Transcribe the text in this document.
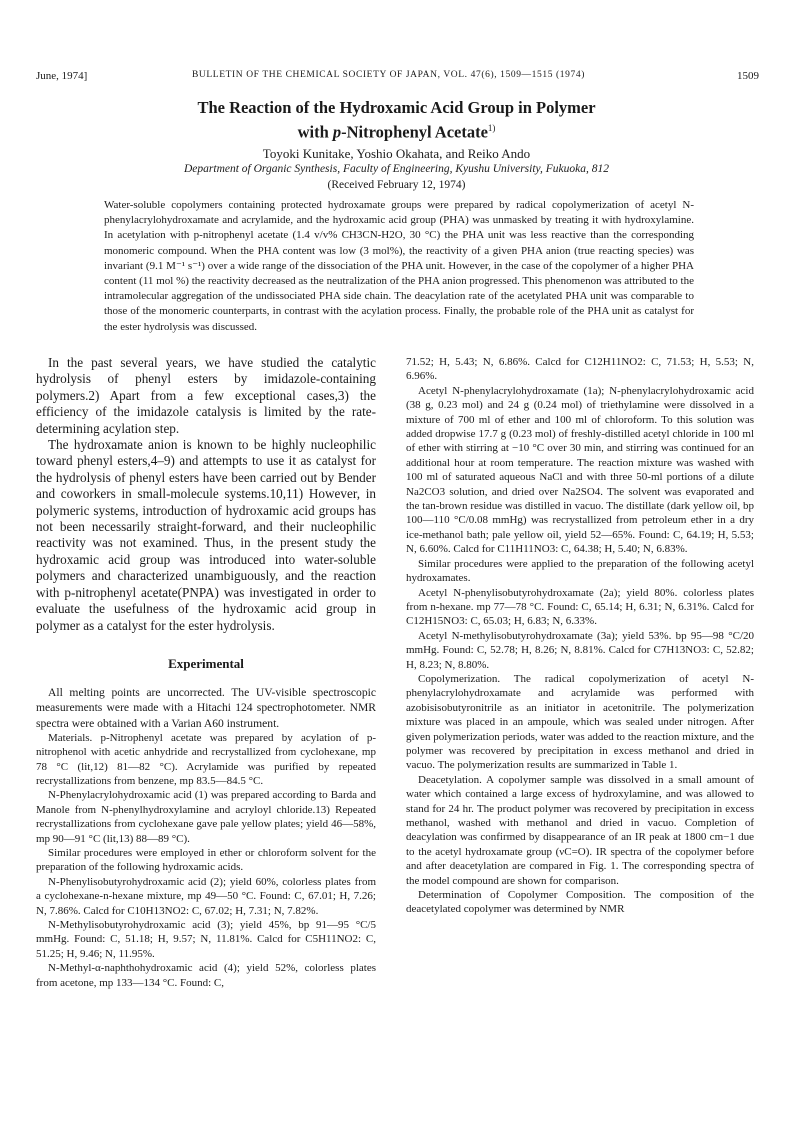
June, 1974]	BULLETIN OF THE CHEMICAL SOCIETY OF JAPAN, VOL. 47(6), 1509—1515 (1974)	1509
The Reaction of the Hydroxamic Acid Group in Polymer
with p-Nitrophenyl Acetate$^{1)}$
Toyoki Kunitake, Yoshio Okahata, and Reiko Ando
Department of Organic Synthesis, Faculty of Engineering, Kyushu University, Fukuoka, 812
(Received February 12, 1974)
Water-soluble copolymers containing protected hydroxamate groups were prepared by radical copolymerization of acetyl N-phenylacrylohydroxamate and acrylamide, and the hydroxamic acid group (PHA) was unmasked by treating it with hydroxylamine. In acetylation with p-nitrophenyl acetate (1.4 v/v% CH3CN-H2O, 30 °C) the PHA unit was less reactive than the corresponding monomeric compound. When the PHA content was low (3 mol%), the reactivity of a given PHA anion (true reacting species) was invariant (9.1 M⁻¹ s⁻¹) over a wide range of the dissociation of the PHA unit. However, in the case of the copolymer of a higher PHA content (11 mol %) the reactivity decreased as the neutralization of the PHA anion progressed. This phenomenon was attributed to the intramolecular aggregation of the undissociated PHA side chain. The deacylation rate of the acetylated PHA unit was comparable to those of the monomeric counterparts, in contrast with the acylation process. Finally, the probable role of the PHA unit as catalyst for the ester hydrolysis was discussed.

In the past several years, we have studied the catalytic hydrolysis of phenyl esters by imidazole-containing polymers.2) Apart from a few exceptional cases,3) the efficiency of the imidazole catalysis is limited by the rate-determining acylation step.

The hydroxamate anion is known to be highly nucleophilic toward phenyl esters,4–9) and attempts to use it as catalyst for the hydrolysis of phenyl esters have been carried out by Bender and coworkers in small-molecule systems.10,11) However, in polymeric systems, introduction of hydroxamic acid groups has not been necessarily straight-forward, and their nucleophilic reactivity was not examined. Thus, in the present study the hydroxamic acid group was introduced into water-soluble polymers and characterized unambiguously, and the reaction with p-nitrophenyl acetate(PNPA) was investigated in order to evaluate the usefulness of the hydroxamic acid group in polymer as a catalyst for the ester hydrolysis.

Experimental

All melting points are uncorrected. The UV-visible spectroscopic measurements were made with a Hitachi 124 spectrophotometer. NMR spectra were obtained with a Varian A60 instrument.

Materials. p-Nitrophenyl acetate was prepared by acylation of p-nitrophenol with acetic anhydride and recrystallized from cyclohexane, mp 78 °C (lit,12) 81—82 °C). Acrylamide was purified by repeated recrystallizations from benzene, mp 83.5—84.5 °C.

N-Phenylacrylohydroxamic acid (1) was prepared according to Barda and Manole from N-phenylhydroxylamine and acryloyl chloride.13) Repeated recrystallizations from cyclohexane gave pale yellow plates; yield 46—58%, mp 90—91 °C (lit,13) 88—89 °C).

Similar procedures were employed in ether or chloroform solvent for the preparation of the following hydroxamic acids.

N-Phenylisobutyrohydroxamic acid (2); yield 60%, colorless plates from a cyclohexane-n-hexane mixture, mp 49—50 °C. Found: C, 67.01; H, 7.26; N, 7.86%. Calcd for C10H13NO2: C, 67.02; H, 7.31; N, 7.82%.

N-Methylisobutyrohydroxamic acid (3); yield 45%, bp 91—95 °C/5 mmHg. Found: C, 51.18; H, 9.57; N, 11.81%. Calcd for C5H11NO2: C, 51.25; H, 9.46; N, 11.95%.

N-Methyl-α-naphthohydroxamic acid (4); yield 52%, colorless plates from acetone, mp 133—134 °C. Found: C,

71.52; H, 5.43; N, 6.86%. Calcd for C12H11NO2: C, 71.53; H, 5.53; N, 6.96%.

Acetyl N-phenylacrylohydroxamate (1a); N-phenylacrylohydroxamic acid (38 g, 0.23 mol) and 24 g (0.24 mol) of triethylamine were dissolved in a mixture of 700 ml of ether and 100 ml of chloroform. To this solution was added dropwise 17.7 g (0.23 mol) of freshly-distilled acetyl chloride in 100 ml of ether with stirring at −10 °C over 30 min, and stirring was continued for an additional hour at room temperature. The reaction mixture was washed with 100 ml of saturated aqueous NaCl and with three 50-ml portions of a dilute Na2CO3 solution, and dried over Na2SO4. The solvent was evaporated and the tan-brown residue was distilled in vacuo. The distillate (dark yellow oil, bp 100—110 °C/0.08 mmHg) was recrystallized from petroleum ether in a dry ice-methanol bath; pale yellow oil, yield 52—65%. Found: C, 64.19; H, 5.53; N, 6.60%. Calcd for C11H11NO3: C, 64.38; H, 5.40; N, 6.83%.

Similar procedures were applied to the preparation of the following acetyl hydroxamates.

Acetyl N-phenylisobutyrohydroxamate (2a); yield 80%. colorless plates from n-hexane. mp 77—78 °C. Found: C, 65.14; H, 6.31; N, 6.31%. Calcd for C12H15NO3: C, 65.03; H, 6.83; N, 6.33%.

Acetyl N-methylisobutyrohydroxamate (3a); yield 53%. bp 95—98 °C/20 mmHg. Found: C, 52.78; H, 8.26; N, 8.81%. Calcd for C7H13NO3: C, 52.82; H, 8.23; N, 8.80%.

Copolymerization. The radical copolymerization of acetyl N-phenylacrylohydroxamate and acrylamide was performed with azobisisobutyronitrile as an initiator in acetonitrile. The polymerization mixture was placed in an ampoule, which was sealed under nitrogen. After given polymerization periods, water was added to the reaction mixture, and the polymer was recovered by precipitation in excess methanol and dried in vacuo. The polymerization results are summarized in Table 1.

Deacetylation. A copolymer sample was dissolved in a small amount of water which contained a large excess of hydroxylamine, and was allowed to stand for 24 hr. The product polymer was recovered by precipitation in excess methanol, washed with methanol and dried in vacuo. Completion of deacylation was confirmed by disappearance of an IR peak at 1800 cm−1 due to the acetyl hydroxamate group (νC=O). IR spectra of the copolymer before and after deacetylation are compared in Fig. 1. The corresponding spectra of the model compound are shown for comparison.

Determination of Copolymer Composition. The composition of the deacetylated copolymer was determined by NMR
